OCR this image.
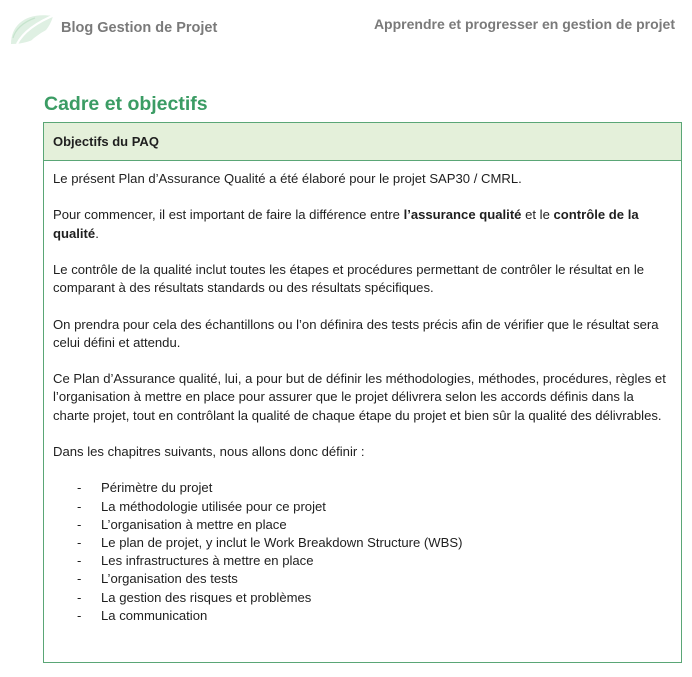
Blog Gestion de Projet	Apprendre et progresser en gestion de projet
Cadre et objectifs
Objectifs du PAQ

Le présent Plan d’Assurance Qualité a été élaboré pour le projet SAP30 / CMRL.

Pour commencer, il est important de faire la différence entre l’assurance qualité et le contrôle de la qualité.

Le contrôle de la qualité inclut toutes les étapes et procédures permettant de contrôler le résultat en le comparant à des résultats standards ou des résultats spécifiques.

On prendra pour cela des échantillons ou l’on définira des tests précis afin de vérifier que le résultat sera celui défini et attendu.

Ce Plan d’Assurance qualité, lui, a pour but de définir les méthodologies, méthodes, procédures, règles et l’organisation à mettre en place pour assurer que le projet délivrera selon les accords définis dans la charte projet, tout en contrôlant la qualité de chaque étape du projet et bien sûr la qualité des délivrables.

Dans les chapitres suivants, nous allons donc définir :

- Périmètre du projet
- La méthodologie utilisée pour ce projet
- L’organisation à mettre en place
- Le plan de projet, y inclut le Work Breakdown Structure (WBS)
- Les infrastructures à mettre en place
- L’organisation des tests
- La gestion des risques et problèmes
- La communication
